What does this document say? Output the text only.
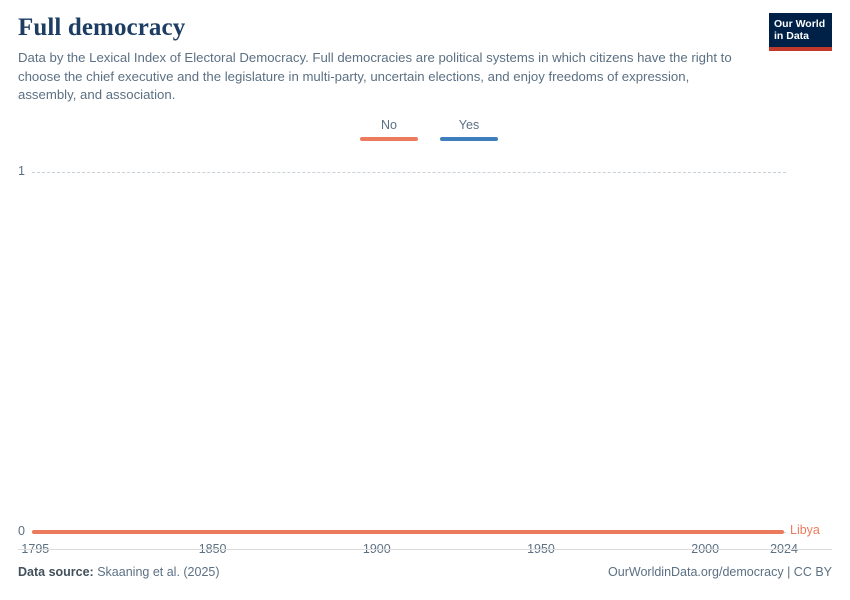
Full democracy

Data by the Lexical Index of Electoral Democracy. Full democracies are political systems in which citizens have the right to choose the chief executive and the legislature in multi-party, uncertain elections, and enjoy freedoms of expression, assembly, and association.

Our World
in Data
No	Yes
1
0	Libya
1795	1850	1900	1950	2000	2024
Data source: Skaaning et al. (2025)	OurWorldinData.org/democracy | CC BY
